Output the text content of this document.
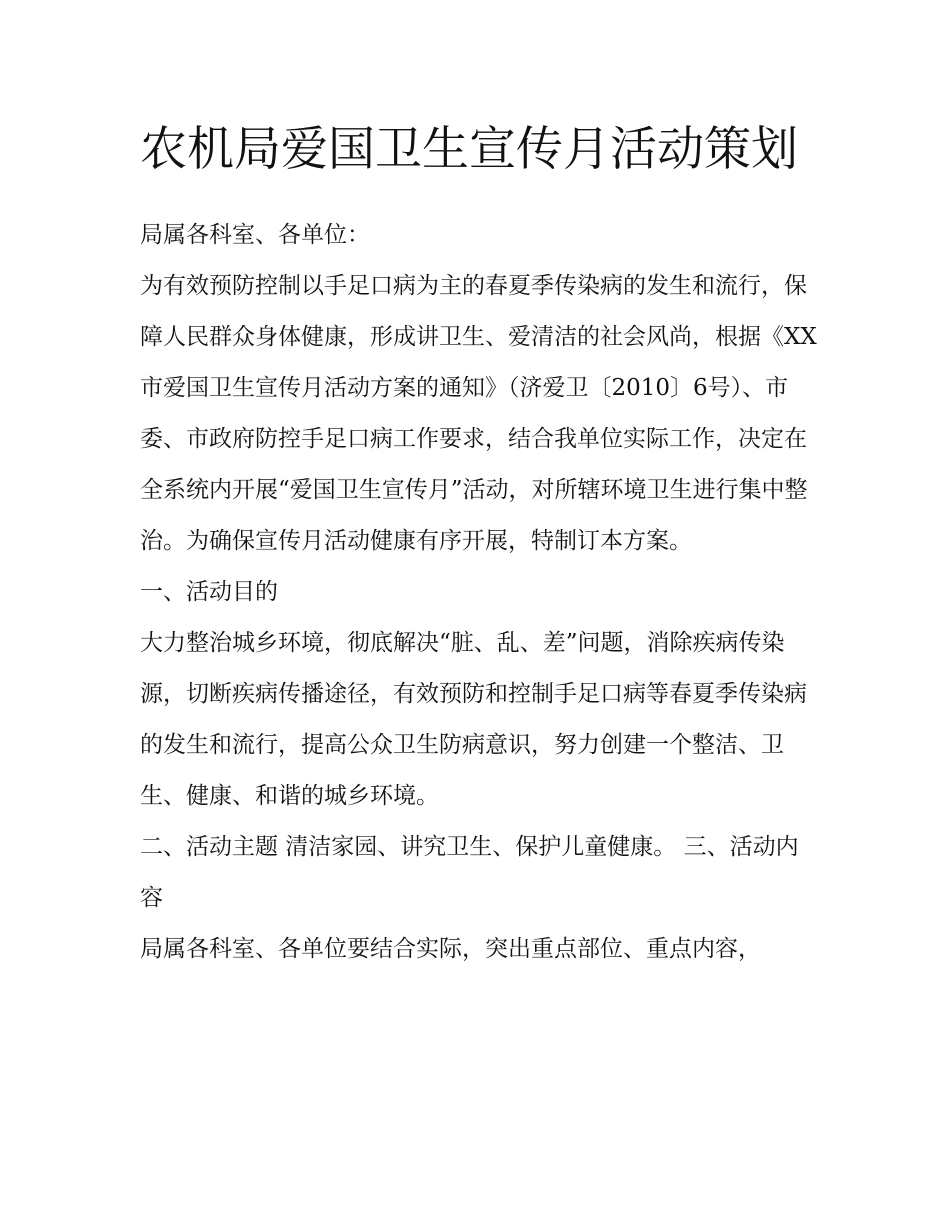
农机局爱国卫生宣传月活动策划

局属各科室、各单位：

为有效预防控制以手足口病为主的春夏季传染病的发生和流行，保障人民群众身体健康，形成讲卫生、爱清洁的社会风尚，根据《XX市爱国卫生宣传月活动方案的通知》（济爱卫〔2010〕6号）、市委、市政府防控手足口病工作要求，结合我单位实际工作，决定在全系统内开展“爱国卫生宣传月”活动，对所辖环境卫生进行集中整治。为确保宣传月活动健康有序开展，特制订本方案。

一、活动目的

大力整治城乡环境，彻底解决“脏、乱、差”问题，消除疾病传染源，切断疾病传播途径，有效预防和控制手足口病等春夏季传染病的发生和流行，提高公众卫生防病意识，努力创建一个整洁、卫生、健康、和谐的城乡环境。

二、活动主题 清洁家园、讲究卫生、保护儿童健康。 三、活动内容

局属各科室、各单位要结合实际，突出重点部位、重点内容，
